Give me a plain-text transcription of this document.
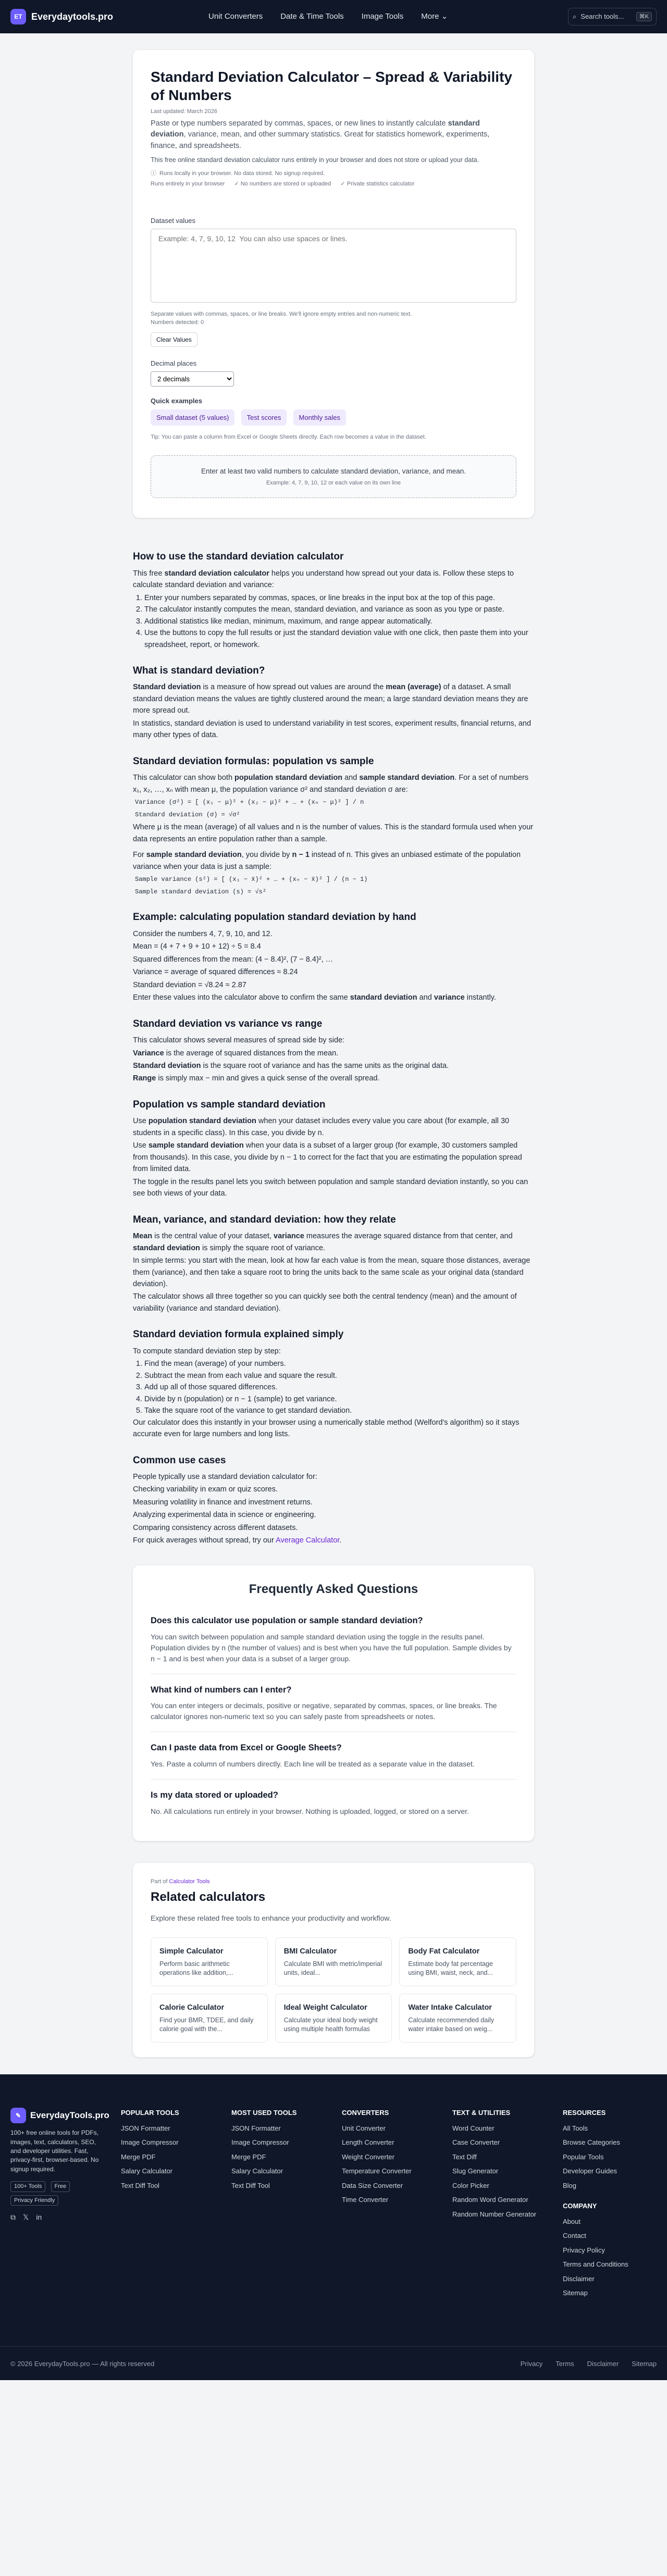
ET Everydaytools.pro	Unit Converters Date & Time Tools Image Tools More ⌄	⌕ Search tools...	⌘K
Standard Deviation Calculator – Spread & Variability of Numbers
Last updated: March 2026

Paste or type numbers separated by commas, spaces, or new lines to instantly calculate standard deviation, variance, mean, and other summary statistics. Great for statistics homework, experiments, finance, and spreadsheets.

This free online standard deviation calculator runs entirely in your browser and does not store or upload your data.

ⓘ Runs locally in your browser. No data stored. No signup required.
Runs entirely in your browser ✓ No numbers are stored or uploaded ✓ Private statistics calculator
Dataset values
Example: 4, 7, 9, 10, 12 You can also use spaces or lines.
Separate values with commas, spaces, or line breaks. We'll ignore empty entries and non-numeric text.
Numbers detected: 0
Clear Values
Decimal places
2 decimals
Quick examples
Small dataset (5 values)	Test scores	Monthly sales
Tip: You can paste a column from Excel or Google Sheets directly. Each row becomes a value in the dataset.
Enter at least two valid numbers to calculate standard deviation, variance, and mean.
Example: 4, 7, 9, 10, 12 or each value on its own line
How to use the standard deviation calculator

This free standard deviation calculator helps you understand how spread out your data is. Follow these steps to calculate standard deviation and variance:

1. Enter your numbers separated by commas, spaces, or line breaks in the input box at the top of this page.
2. The calculator instantly computes the mean, standard deviation, and variance as soon as you type or paste.
3. Additional statistics like median, minimum, maximum, and range appear automatically.
4. Use the buttons to copy the full results or just the standard deviation value with one click, then paste them into your spreadsheet, report, or homework.
What is standard deviation?

Standard deviation is a measure of how spread out values are around the mean (average) of a dataset. A small standard deviation means the values are tightly clustered around the mean; a large standard deviation means they are more spread out.

In statistics, standard deviation is used to understand variability in test scores, experiment results, financial returns, and many other types of data.

Standard deviation formulas: population vs sample

This calculator can show both population standard deviation and sample standard deviation. For a set of numbers x₁, x₂, …, xₙ with mean μ, the population variance σ² and standard deviation σ are:

Variance (σ²) = [ (x₁ − μ)² + (x₂ − μ)² + … + (xₙ − μ)² ] / n
Standard deviation (σ) = √σ²

Where μ is the mean (average) of all values and n is the number of values. This is the standard formula used when your data represents an entire population rather than a sample.

For sample standard deviation, you divide by n − 1 instead of n. This gives an unbiased estimate of the population variance when your data is just a sample:

Sample variance (s²) = [ (x₁ − x̄)² + … + (xₙ − x̄)² ] / (n − 1)
Sample standard deviation (s) = √s²
Example: calculating population standard deviation by hand

Consider the numbers 4, 7, 9, 10, and 12.

Mean = (4 + 7 + 9 + 10 + 12) ÷ 5 = 8.4

Squared differences from the mean: (4 − 8.4)², (7 − 8.4)², …

Variance = average of squared differences ≈ 8.24

Standard deviation = √8.24 ≈ 2.87

Enter these values into the calculator above to confirm the same standard deviation and variance instantly.

Standard deviation vs variance vs range

This calculator shows several measures of spread side by side:

Variance is the average of squared distances from the mean.

Standard deviation is the square root of variance and has the same units as the original data.

Range is simply max − min and gives a quick sense of the overall spread.

Population vs sample standard deviation

Use population standard deviation when your dataset includes every value you care about (for example, all 30 students in a specific class). In this case, you divide by n.

Use sample standard deviation when your data is a subset of a larger group (for example, 30 customers sampled from thousands). In this case, you divide by n − 1 to correct for the fact that you are estimating the population spread from limited data.

The toggle in the results panel lets you switch between population and sample standard deviation instantly, so you can see both views of your data.

Mean, variance, and standard deviation: how they relate

Mean is the central value of your dataset, variance measures the average squared distance from that center, and standard deviation is simply the square root of variance.

In simple terms: you start with the mean, look at how far each value is from the mean, square those distances, average them (variance), and then take a square root to bring the units back to the same scale as your original data (standard deviation).

The calculator shows all three together so you can quickly see both the central tendency (mean) and the amount of variability (variance and standard deviation).

Standard deviation formula explained simply

To compute standard deviation step by step:

1. Find the mean (average) of your numbers.
2. Subtract the mean from each value and square the result.
3. Add up all of those squared differences.
4. Divide by n (population) or n − 1 (sample) to get variance.
5. Take the square root of the variance to get standard deviation.

Our calculator does this instantly in your browser using a numerically stable method (Welford's algorithm) so it stays accurate even for large numbers and long lists.

Common use cases

People typically use a standard deviation calculator for:

Checking variability in exam or quiz scores.

Measuring volatility in finance and investment returns.

Analyzing experimental data in science or engineering.

Comparing consistency across different datasets.

For quick averages without spread, try our Average Calculator.

Frequently Asked Questions
Does this calculator use population or sample standard deviation?

You can switch between population and sample standard deviation using the toggle in the results panel. Population divides by n (the number of values) and is best when you have the full population. Sample divides by n − 1 and is best when your data is a subset of a larger group.

What kind of numbers can I enter?

You can enter integers or decimals, positive or negative, separated by commas, spaces, or line breaks. The calculator ignores non-numeric text so you can safely paste from spreadsheets or notes.

Can I paste data from Excel or Google Sheets?

Yes. Paste a column of numbers directly. Each line will be treated as a separate value in the dataset.

Is my data stored or uploaded?

No. All calculations run entirely in your browser. Nothing is uploaded, logged, or stored on a server.

Part of Calculator Tools
Related calculators

Explore these related free tools to enhance your productivity and workflow.

Simple Calculator

Perform basic arithmetic operations like addition,...

BMI Calculator

Calculate BMI with metric/imperial units, ideal...

Body Fat Calculator

Estimate body fat percentage using BMI, waist, neck, and...

Calorie Calculator

Find your BMR, TDEE, and daily calorie goal with the...

Ideal Weight Calculator

Calculate your ideal body weight using multiple health formulas

Water Intake Calculator

Calculate recommended daily water intake based on weig...

✎	EverydayTools.pro

100+ free online tools for PDFs, images, text, calculators, SEO, and developer utilities. Fast, privacy-first, browser-based. No signup required.

100+ Tools Free Privacy Friendly
⧉ 𝕏 in
POPULAR TOOLS
JSON Formatter
Image Compressor
Merge PDF
Salary Calculator
Text Diff Tool
MOST USED TOOLS
JSON Formatter
Image Compressor
Merge PDF
Salary Calculator
Text Diff Tool
CONVERTERS
Unit Converter
Length Converter
Weight Converter
Temperature Converter
Data Size Converter
Time Converter
TEXT & UTILITIES
Word Counter
Case Converter
Text Diff
Slug Generator
Color Picker
Random Word Generator
Random Number Generator
RESOURCES
All Tools
Browse Categories
Popular Tools
Developer Guides
Blog
COMPANY
About
Contact
Privacy Policy
Terms and Conditions
Disclaimer
Sitemap
© 2026 EverydayTools.pro — All rights reserved	Privacy Terms Disclaimer Sitemap
